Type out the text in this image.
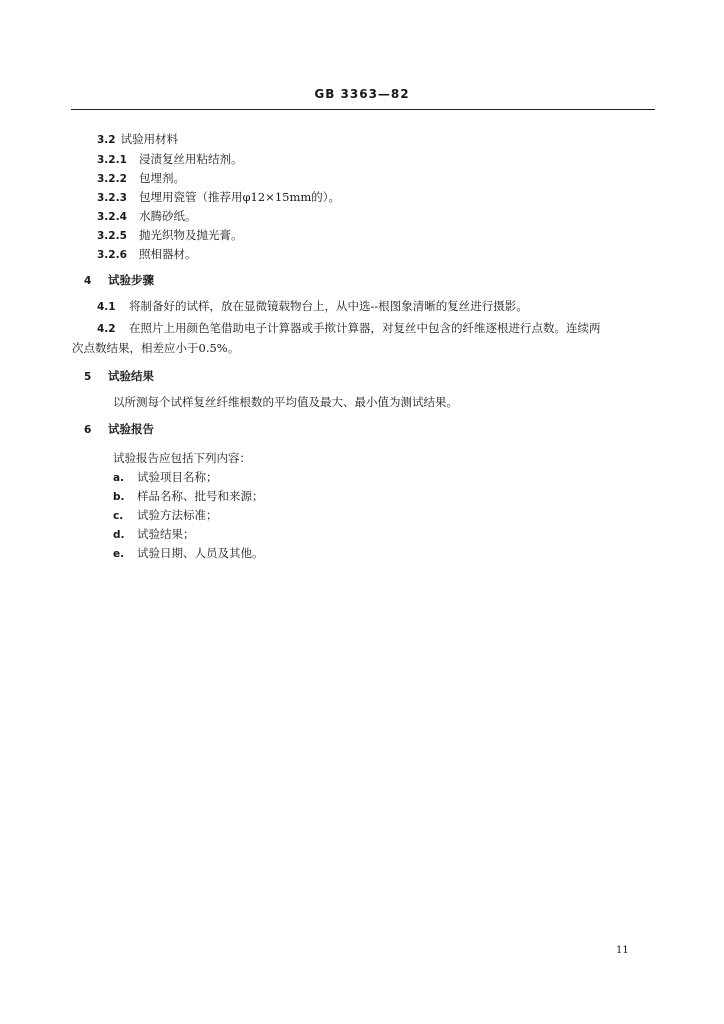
GB 3363—82
3.2 试验用材料
3.2.1 浸渍复丝用粘结剂。
3.2.2 包埋剂。
3.2.3 包埋用瓷管（推荐用φ12×15mm的）。
3.2.4 水腾砂纸。
3.2.5 抛光织物及抛光膏。
3.2.6 照相器材。
4 试验步骤
4.1 将制备好的试样，放在显微镜载物台上，从中选--根图象清晰的复丝进行摄影。
4.2 在照片上用颜色笔借助电子计算器或手揿计算器，对复丝中包含的纤维逐根进行点数。连续两
次点数结果，相差应小于0.5%。
5 试验结果
以所测每个试样复丝纤维根数的平均值及最大、最小值为测试结果。
6 试验报告
试验报告应包括下列内容：
a. 试验项目名称；
b. 样品名称、批号和来源；
c. 试验方法标准；
d. 试验结果；
e. 试验日期、人员及其他。
11
